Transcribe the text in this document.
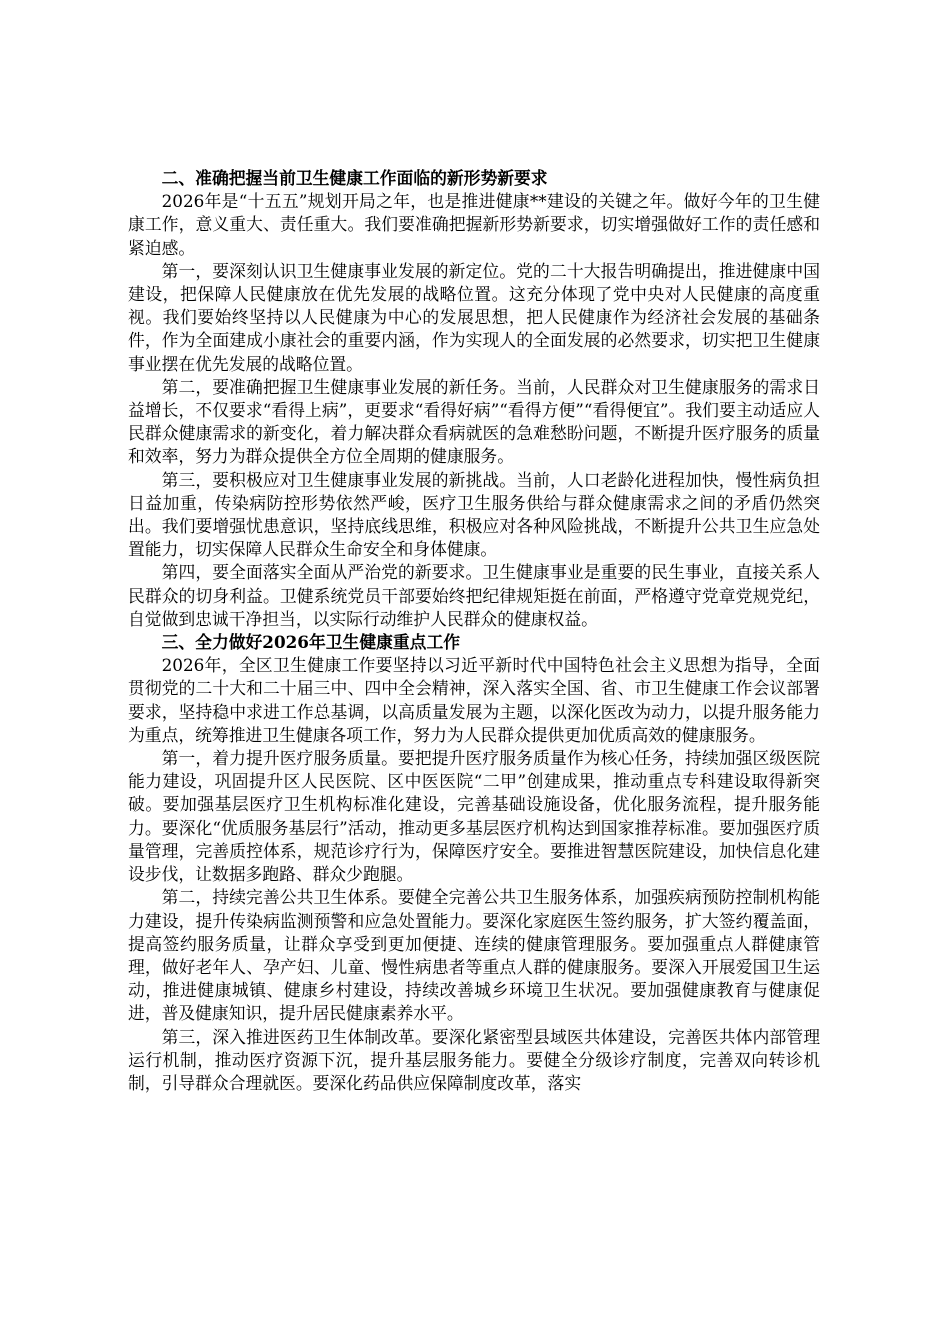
二、准确把握当前卫生健康工作面临的新形势新要求

2026年是“十五五”规划开局之年，也是推进健康**建设的关键之年。做好今年的卫生健康工作，意义重大、责任重大。我们要准确把握新形势新要求，切实增强做好工作的责任感和紧迫感。

第一，要深刻认识卫生健康事业发展的新定位。党的二十大报告明确提出，推进健康中国建设，把保障人民健康放在优先发展的战略位置。这充分体现了党中央对人民健康的高度重视。我们要始终坚持以人民健康为中心的发展思想，把人民健康作为经济社会发展的基础条件，作为全面建成小康社会的重要内涵，作为实现人的全面发展的必然要求，切实把卫生健康事业摆在优先发展的战略位置。

第二，要准确把握卫生健康事业发展的新任务。当前，人民群众对卫生健康服务的需求日益增长，不仅要求“看得上病”，更要求“看得好病”“看得方便”“看得便宜”。我们要主动适应人民群众健康需求的新变化，着力解决群众看病就医的急难愁盼问题，不断提升医疗服务的质量和效率，努力为群众提供全方位全周期的健康服务。

第三，要积极应对卫生健康事业发展的新挑战。当前，人口老龄化进程加快，慢性病负担日益加重，传染病防控形势依然严峻，医疗卫生服务供给与群众健康需求之间的矛盾仍然突出。我们要增强忧患意识，坚持底线思维，积极应对各种风险挑战，不断提升公共卫生应急处置能力，切实保障人民群众生命安全和身体健康。

第四，要全面落实全面从严治党的新要求。卫生健康事业是重要的民生事业，直接关系人民群众的切身利益。卫健系统党员干部要始终把纪律规矩挺在前面，严格遵守党章党规党纪，自觉做到忠诚干净担当，以实际行动维护人民群众的健康权益。

三、全力做好2026年卫生健康重点工作

2026年，全区卫生健康工作要坚持以习近平新时代中国特色社会主义思想为指导，全面贯彻党的二十大和二十届三中、四中全会精神，深入落实全国、省、市卫生健康工作会议部署要求，坚持稳中求进工作总基调，以高质量发展为主题，以深化医改为动力，以提升服务能力为重点，统筹推进卫生健康各项工作，努力为人民群众提供更加优质高效的健康服务。

第一，着力提升医疗服务质量。要把提升医疗服务质量作为核心任务，持续加强区级医院能力建设，巩固提升区人民医院、区中医医院“二甲”创建成果，推动重点专科建设取得新突破。要加强基层医疗卫生机构标准化建设，完善基础设施设备，优化服务流程，提升服务能力。要深化“优质服务基层行”活动，推动更多基层医疗机构达到国家推荐标准。要加强医疗质量管理，完善质控体系，规范诊疗行为，保障医疗安全。要推进智慧医院建设，加快信息化建设步伐，让数据多跑路、群众少跑腿。

第二，持续完善公共卫生体系。要健全完善公共卫生服务体系，加强疾病预防控制机构能力建设，提升传染病监测预警和应急处置能力。要深化家庭医生签约服务，扩大签约覆盖面，提高签约服务质量，让群众享受到更加便捷、连续的健康管理服务。要加强重点人群健康管理，做好老年人、孕产妇、儿童、慢性病患者等重点人群的健康服务。要深入开展爱国卫生运动，推进健康城镇、健康乡村建设，持续改善城乡环境卫生状况。要加强健康教育与健康促进，普及健康知识，提升居民健康素养水平。

第三，深入推进医药卫生体制改革。要深化紧密型县域医共体建设，完善医共体内部管理运行机制，推动医疗资源下沉，提升基层服务能力。要健全分级诊疗制度，完善双向转诊机制，引导群众合理就医。要深化药品供应保障制度改革，落实
